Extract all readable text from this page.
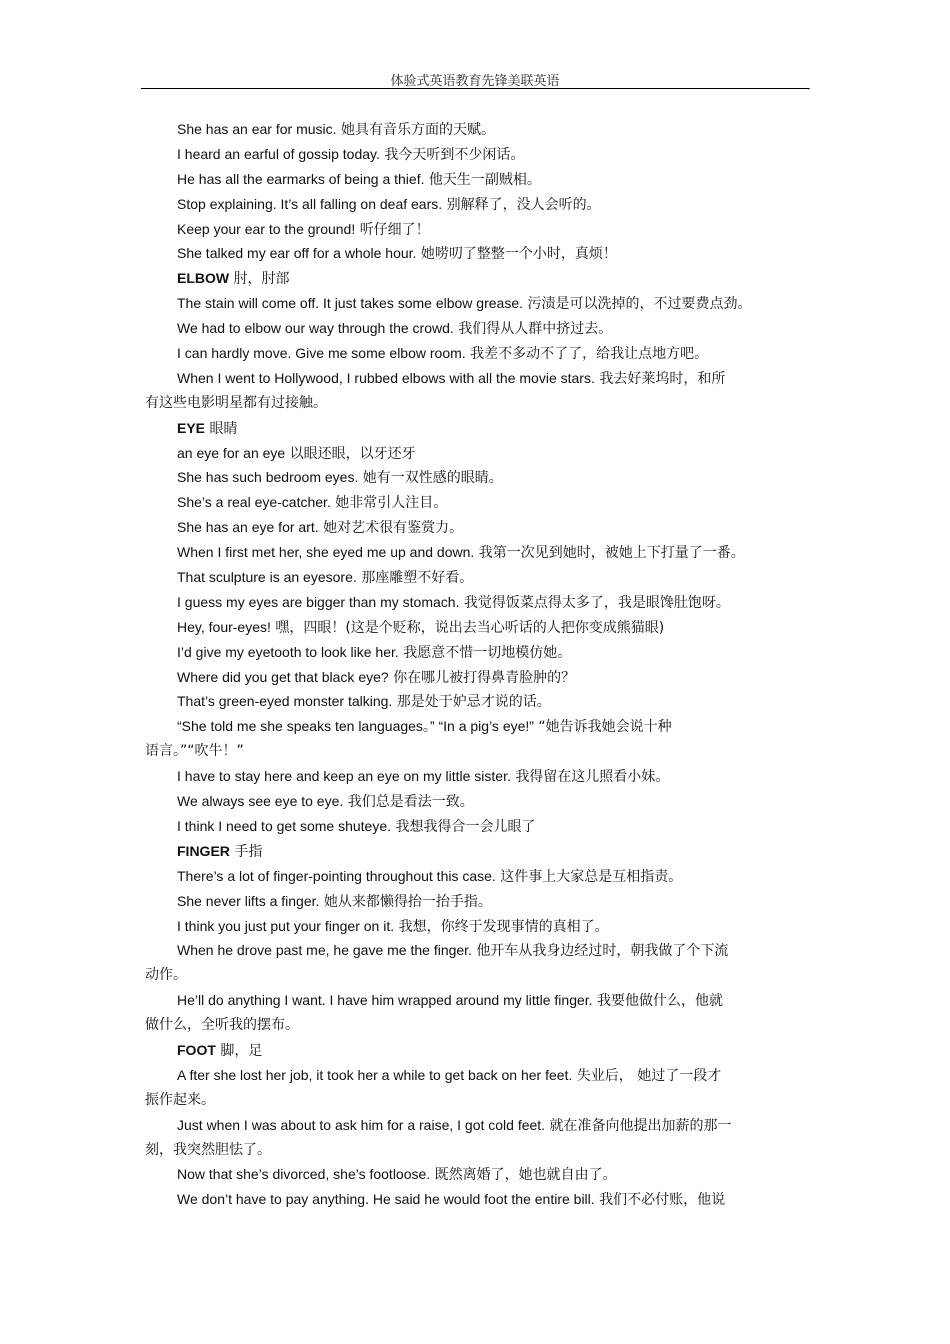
体验式英语教育先锋美联英语	,
She has an ear for music. 她具有音乐方面的天赋。
I heard an earful of gossip today. 我今天听到不少闲话。
He has all the earmarks of being a thief. 他天生一副贼相。
Stop explaining. It’s all falling on deaf ears. 别解释了，没人会听的。
Keep your ear to the ground! 听仔细了！
She talked my ear off for a whole hour. 她唠叨了整整一个小时，真烦！
ELBOW 肘，肘部
The stain will come off. It just takes some elbow grease. 污渍是可以洗掉的，不过要费点劲。
We had to elbow our way through the crowd. 我们得从人群中挤过去。
I can hardly move. Give me some elbow room. 我差不多动不了了，给我让点地方吧。
When I went to Hollywood, I rubbed elbows with all the movie stars. 我去好莱坞时，和所
有这些电影明星都有过接触。
EYE 眼睛
an eye for an eye 以眼还眼，以牙还牙
She has such bedroom eyes. 她有一双性感的眼睛。
She’s a real eye-catcher. 她非常引人注目。
She has an eye for art. 她对艺术很有鉴赏力。
When I first met her, she eyed me up and down. 我第一次见到她时，被她上下打量了一番。
That sculpture is an eyesore. 那座雕塑不好看。
I guess my eyes are bigger than my stomach. 我觉得饭菜点得太多了，我是眼馋肚饱呀。
Hey, four-eyes! 嘿，四眼！(这是个贬称，说出去当心听话的人把你变成熊猫眼)
I’d give my eyetooth to look like her. 我愿意不惜一切地模仿她。
Where did you get that black eye? 你在哪儿被打得鼻青脸肿的？
That’s green-eyed monster talking. 那是处于妒忌才说的话。
“She told me she speaks ten languages。” “In a pig’s eye!” “她告诉我她会说十种
语言。”“吹牛！”
I have to stay here and keep an eye on my little sister. 我得留在这儿照看小妹。
We always see eye to eye. 我们总是看法一致。
I think I need to get some shuteye. 我想我得合一会儿眼了
FINGER 手指
There’s a lot of finger-pointing throughout this case. 这件事上大家总是互相指责。
She never lifts a finger. 她从来都懒得抬一抬手指。
I think you just put your finger on it. 我想，你终于发现事情的真相了。
When he drove past me, he gave me the finger. 他开车从我身边经过时，朝我做了个下流
动作。
He’ll do anything I want. I have him wrapped around my little finger. 我要他做什么，他就
做什么，全听我的摆布。
FOOT 脚，足
A fter she lost her job, it took her a while to get back on her feet. 失业后， 她过了一段才
振作起来。
Just when I was about to ask him for a raise, I got cold feet. 就在准备向他提出加薪的那一
刻，我突然胆怯了。
Now that she’s divorced, she’s footloose. 既然离婚了，她也就自由了。
We don’t have to pay anything. He said he would foot the entire bill. 我们不必付账，他说
